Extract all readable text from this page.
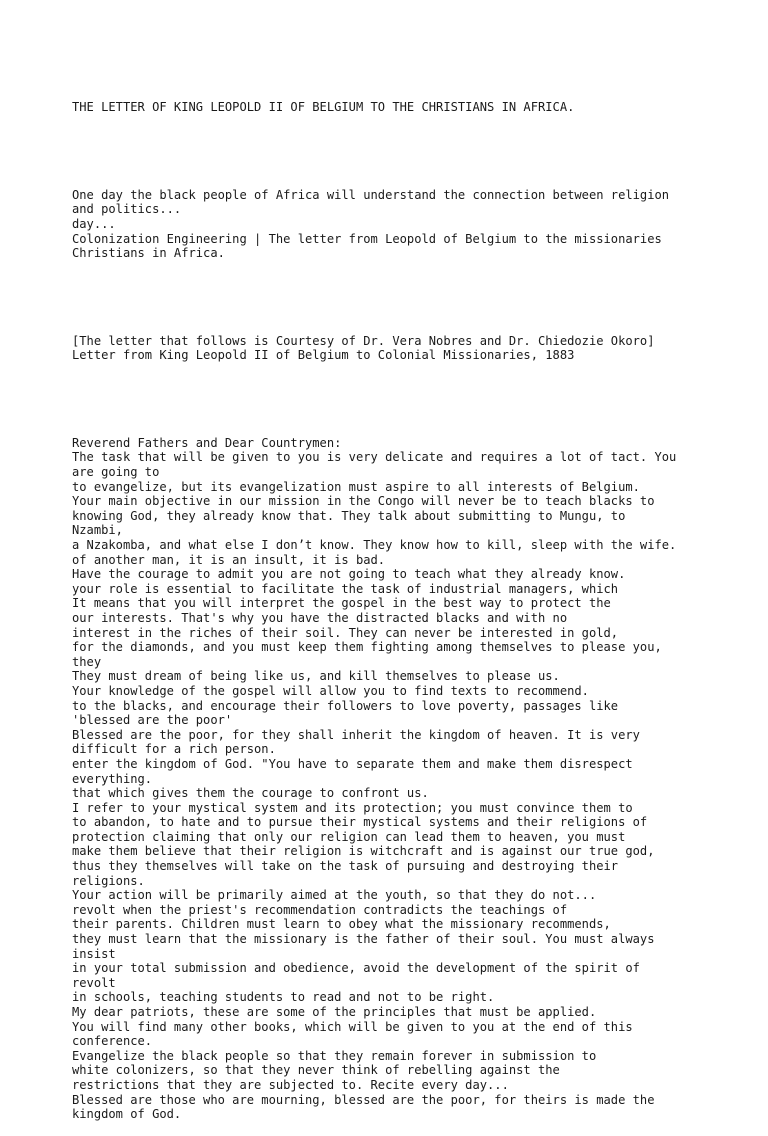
THE LETTER OF KING LEOPOLD II OF BELGIUM TO THE CHRISTIANS IN AFRICA.

One day the black people of Africa will understand the connection between religion
and politics...
day...
Colonization Engineering | The letter from Leopold of Belgium to the missionaries
Christians in Africa.

[The letter that follows is Courtesy of Dr. Vera Nobres and Dr. Chiedozie Okoro]
Letter from King Leopold II of Belgium to Colonial Missionaries, 1883

Reverend Fathers and Dear Countrymen:
The task that will be given to you is very delicate and requires a lot of tact. You
are going to
to evangelize, but its evangelization must aspire to all interests of Belgium.
Your main objective in our mission in the Congo will never be to teach blacks to
knowing God, they already know that. They talk about submitting to Mungu, to
Nzambi,
a Nzakomba, and what else I don’t know. They know how to kill, sleep with the wife.
of another man, it is an insult, it is bad.
Have the courage to admit you are not going to teach what they already know.
your role is essential to facilitate the task of industrial managers, which
It means that you will interpret the gospel in the best way to protect the
our interests. That's why you have the distracted blacks and with no
interest in the riches of their soil. They can never be interested in gold,
for the diamonds, and you must keep them fighting among themselves to please you,
they
They must dream of being like us, and kill themselves to please us.
Your knowledge of the gospel will allow you to find texts to recommend.
to the blacks, and encourage their followers to love poverty, passages like
'blessed are the poor'
Blessed are the poor, for they shall inherit the kingdom of heaven. It is very
difficult for a rich person.
enter the kingdom of God. "You have to separate them and make them disrespect
everything.
that which gives them the courage to confront us.
I refer to your mystical system and its protection; you must convince them to
to abandon, to hate and to pursue their mystical systems and their religions of
protection claiming that only our religion can lead them to heaven, you must
make them believe that their religion is witchcraft and is against our true god,
thus they themselves will take on the task of pursuing and destroying their
religions.
Your action will be primarily aimed at the youth, so that they do not...
revolt when the priest's recommendation contradicts the teachings of
their parents. Children must learn to obey what the missionary recommends,
they must learn that the missionary is the father of their soul. You must always
insist
in your total submission and obedience, avoid the development of the spirit of
revolt
in schools, teaching students to read and not to be right.
My dear patriots, these are some of the principles that must be applied.
You will find many other books, which will be given to you at the end of this
conference.
Evangelize the black people so that they remain forever in submission to
white colonizers, so that they never think of rebelling against the
restrictions that they are subjected to. Recite every day...
Blessed are those who are mourning, blessed are the poor, for theirs is made the
kingdom of God.
